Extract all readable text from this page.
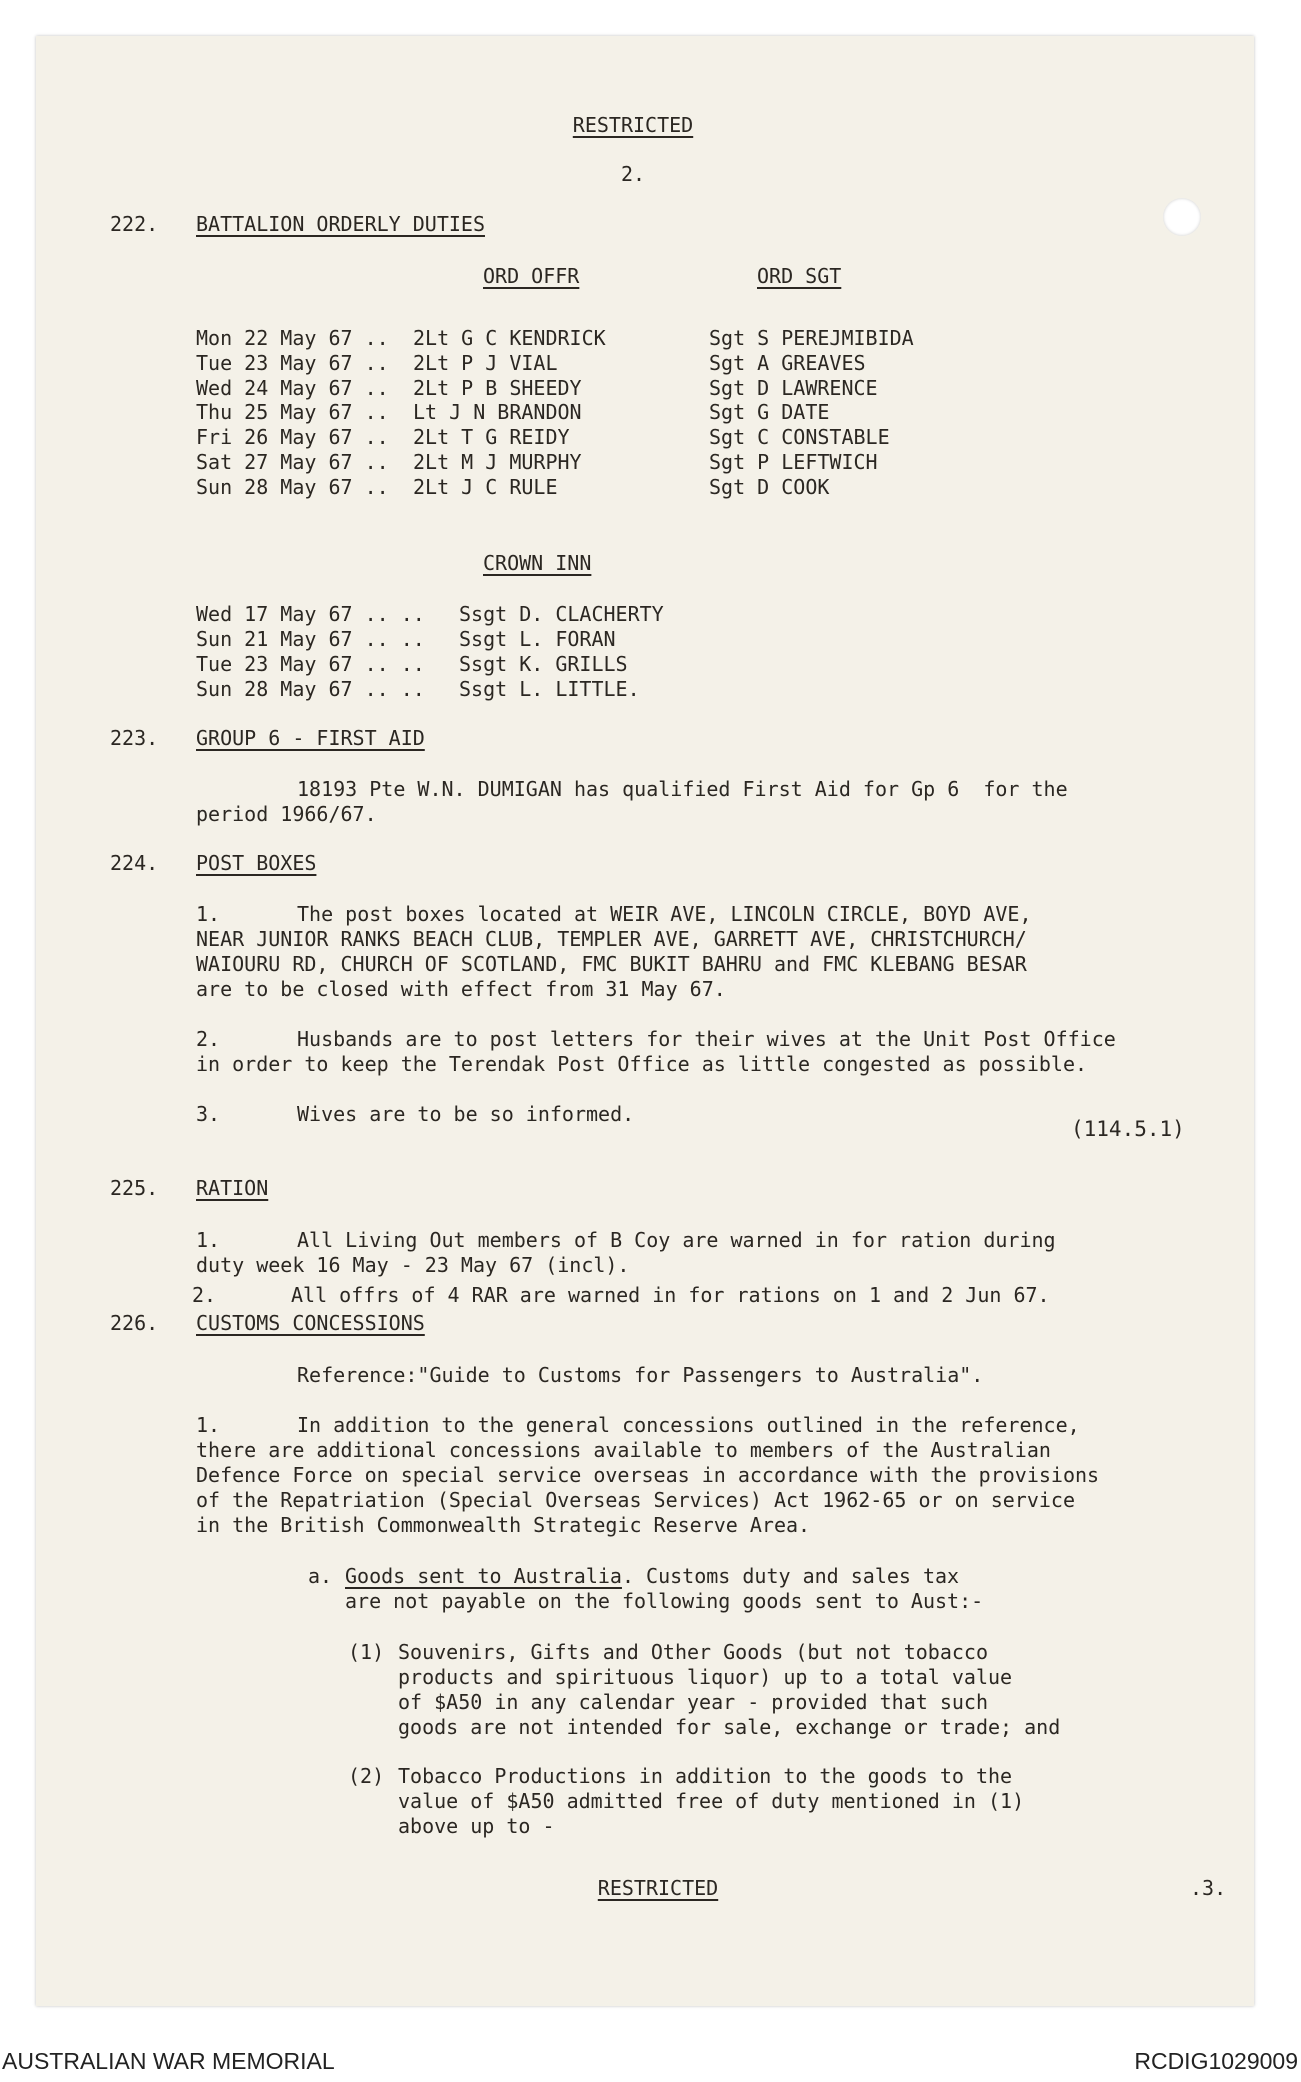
RESTRICTED
2.
222. BATTALION ORDERLY DUTIES
ORD OFFR	ORD SGT
Mon 22 May 67 .. 2Lt G C KENDRICK	Sgt S PEREJMIBIDA
Tue 23 May 67 .. 2Lt P J VIAL	Sgt A GREAVES
Wed 24 May 67 .. 2Lt P B SHEEDY	Sgt D LAWRENCE
Thu 25 May 67 .. Lt J N BRANDON	Sgt G DATE
Fri 26 May 67 .. 2Lt T G REIDY	Sgt C CONSTABLE
Sat 27 May 67 .. 2Lt M J MURPHY	Sgt P LEFTWICH
Sun 28 May 67 .. 2Lt J C RULE	Sgt D COOK
CROWN INN
Wed 17 May 67 .. .. Ssgt D. CLACHERTY
Sun 21 May 67 .. .. Ssgt L. FORAN
Tue 23 May 67 .. .. Ssgt K. GRILLS
Sun 28 May 67 .. .. Ssgt L. LITTLE.
223. GROUP 6 - FIRST AID
18193 Pte W.N. DUMIGAN has qualified First Aid for Gp 6  for the
period 1966/67.
224. POST BOXES
1.	The post boxes located at WEIR AVE, LINCOLN CIRCLE, BOYD AVE,
NEAR JUNIOR RANKS BEACH CLUB, TEMPLER AVE, GARRETT AVE, CHRISTCHURCH/
WAIOURU RD, CHURCH OF SCOTLAND, FMC BUKIT BAHRU and FMC KLEBANG BESAR
are to be closed with effect from 31 May 67.
2.	Husbands are to post letters for their wives at the Unit Post Office
in order to keep the Terendak Post Office as little congested as possible.
3.	Wives are to be so informed.
(114.5.1)
225. RATION
1.	All Living Out members of B Coy are warned in for ration during
duty week 16 May - 23 May 67 (incl).
2.	All offrs of 4 RAR are warned in for rations on 1 and 2 Jun 67.
226. CUSTOMS CONCESSIONS
Reference:"Guide to Customs for Passengers to Australia".
1.	In addition to the general concessions outlined in the reference,
there are additional concessions available to members of the Australian
Defence Force on special service overseas in accordance with the provisions
of the Repatriation (Special Overseas Services) Act 1962-65 or on service
in the British Commonwealth Strategic Reserve Area.
a. Goods sent to Australia. Customs duty and sales tax
are not payable on the following goods sent to Aust:-
(1) Souvenirs, Gifts and Other Goods (but not tobacco
products and spirituous liquor) up to a total value
of $A50 in any calendar year - provided that such
goods are not intended for sale, exchange or trade; and
(2) Tobacco Productions in addition to the goods to the
value of $A50 admitted free of duty mentioned in (1)
above up to -
RESTRICTED	.3.
AUSTRALIAN WAR MEMORIAL	RCDIG1029009
